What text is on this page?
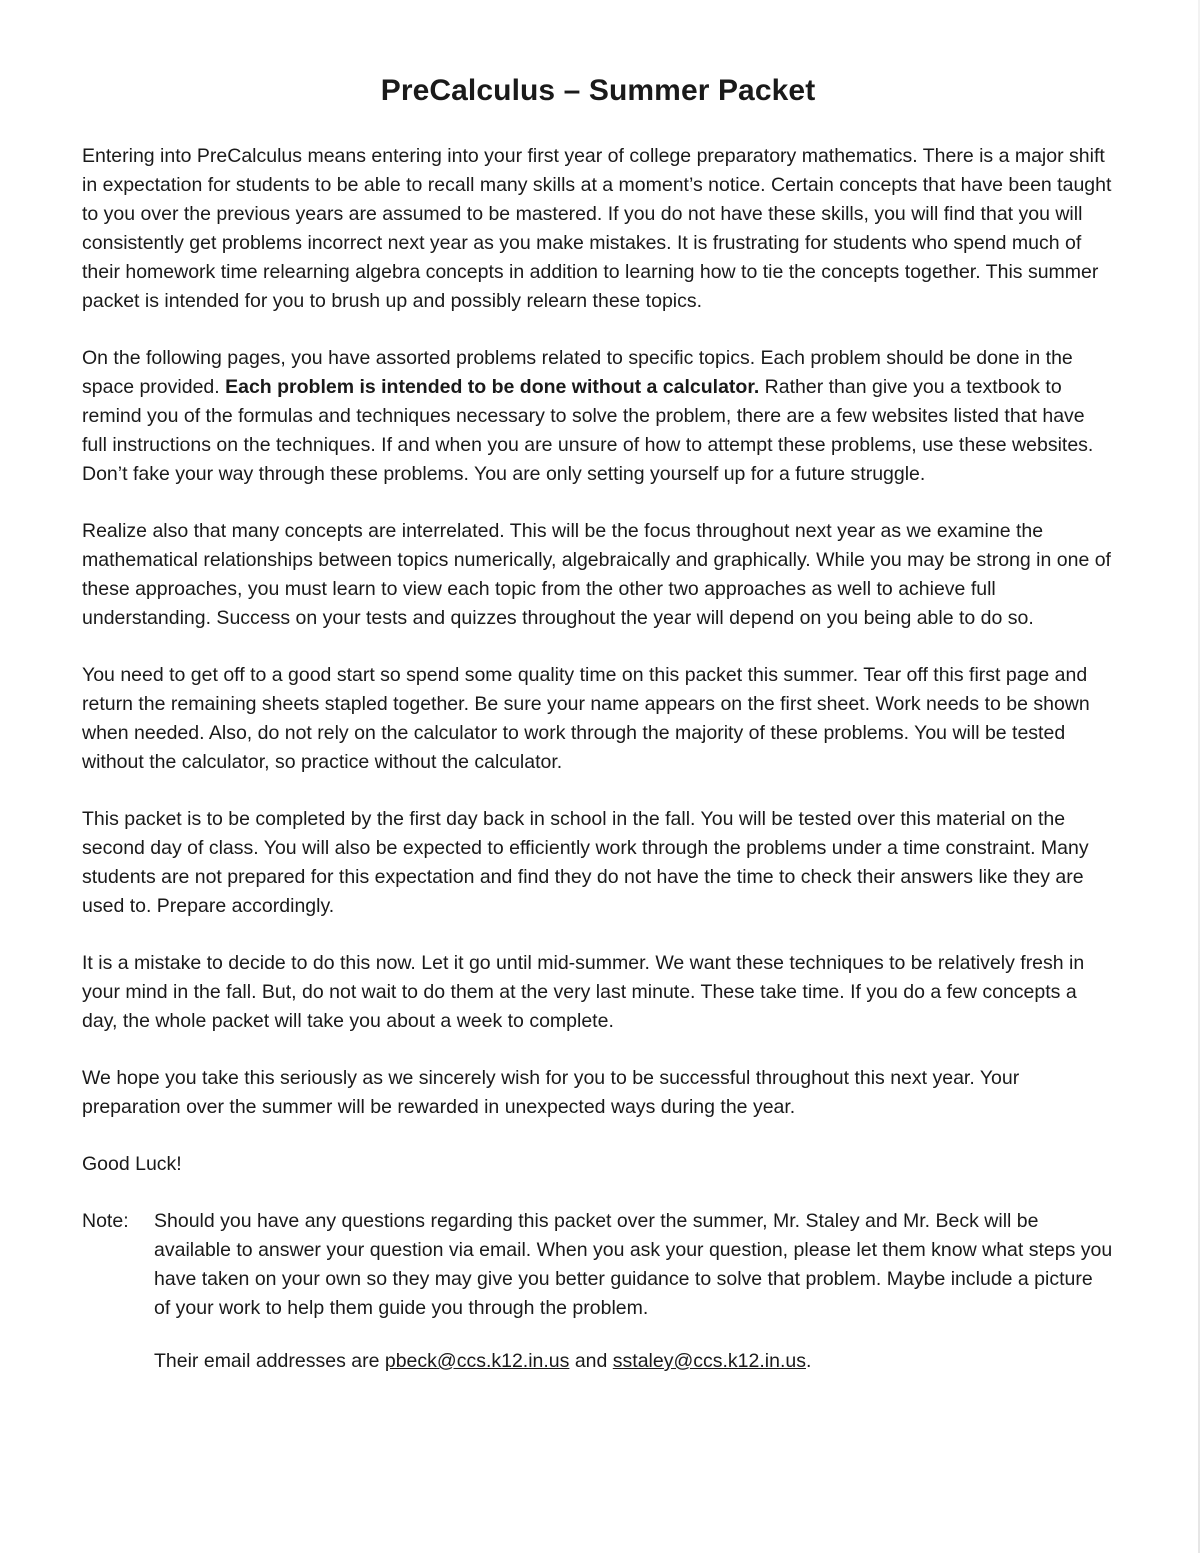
PreCalculus – Summer Packet

Entering into PreCalculus means entering into your first year of college preparatory mathematics. There is a major shift in expectation for students to be able to recall many skills at a moment’s notice. Certain concepts that have been taught to you over the previous years are assumed to be mastered. If you do not have these skills, you will find that you will consistently get problems incorrect next year as you make mistakes. It is frustrating for students who spend much of their homework time relearning algebra concepts in addition to learning how to tie the concepts together. This summer packet is intended for you to brush up and possibly relearn these topics.

On the following pages, you have assorted problems related to specific topics. Each problem should be done in the space provided. Each problem is intended to be done without a calculator. Rather than give you a textbook to remind you of the formulas and techniques necessary to solve the problem, there are a few websites listed that have full instructions on the techniques. If and when you are unsure of how to attempt these problems, use these websites. Don’t fake your way through these problems. You are only setting yourself up for a future struggle.

Realize also that many concepts are interrelated. This will be the focus throughout next year as we examine the mathematical relationships between topics numerically, algebraically and graphically. While you may be strong in one of these approaches, you must learn to view each topic from the other two approaches as well to achieve full understanding. Success on your tests and quizzes throughout the year will depend on you being able to do so.

You need to get off to a good start so spend some quality time on this packet this summer. Tear off this first page and return the remaining sheets stapled together. Be sure your name appears on the first sheet. Work needs to be shown when needed. Also, do not rely on the calculator to work through the majority of these problems. You will be tested without the calculator, so practice without the calculator.

This packet is to be completed by the first day back in school in the fall. You will be tested over this material on the second day of class. You will also be expected to efficiently work through the problems under a time constraint. Many students are not prepared for this expectation and find they do not have the time to check their answers like they are used to. Prepare accordingly.

It is a mistake to decide to do this now. Let it go until mid-summer. We want these techniques to be relatively fresh in your mind in the fall. But, do not wait to do them at the very last minute. These take time. If you do a few concepts a day, the whole packet will take you about a week to complete.

We hope you take this seriously as we sincerely wish for you to be successful throughout this next year. Your preparation over the summer will be rewarded in unexpected ways during the year.

Good Luck!

Note:	Should you have any questions regarding this packet over the summer, Mr. Staley and Mr. Beck will be available to answer your question via email. When you ask your question, please let them know what steps you have taken on your own so they may give you better guidance to solve that problem. Maybe include a picture of your work to help them guide you through the problem.
Their email addresses are pbeck@ccs.k12.in.us and sstaley@ccs.k12.in.us.
